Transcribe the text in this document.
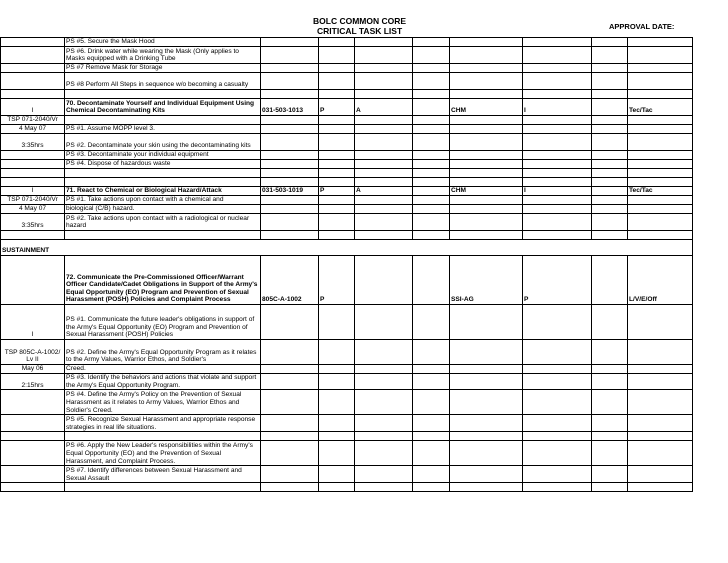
BOLC COMMON CORE
CRITICAL TASK LIST	APPROVAL DATE:
	PS #5. Secure the Mask Hood								
	PS #6. Drink water while wearing the Mask (Only applies to Masks equipped with a Drinking Tube								
	PS #7 Remove Mask for Storage								
	PS #8 Perform All Steps in sequence w/o becoming a casualty								

I	70. Decontaminate Yourself and Individual Equipment Using Chemical Decontaminating Kits	031-503-1013	P	A		CHM	I		Tec/Tac
TSP 071-2040/Vr									
4 May 07	PS #1. Assume MOPP level 3.								
3:35hrs	PS #2. Decontaminate your skin using the decontaminating kits								
	PS #3. Decontaminate your individual equipment								
	PS #4. Dispose of hazardous waste								

I	71. React to Chemical or Biological Hazard/Attack	031-503-1019	P	A		CHM	I		Tec/Tac
TSP 071-2040/Vr	PS #1. Take actions upon contact with a chemical and								
4 May 07	biological (C/B) hazard.								
3:35hrs	PS #2. Take actions upon contact with a radiological or nuclear hazard								

SUSTAINMENT									
	72. Communicate the Pre-Commissioned Officer/Warrant Officer Candidate/Cadet Obligations in Support of the Army's Equal Opportunity (EO) Program and Prevention of Sexual Harassment (POSH) Policies and Complaint Process	805C-A-1002	P			SSI-AG	P		L/V/E/Off
I	PS #1. Communicate the future leader's obligations in support of the Army's Equal Opportunity (EO) Program and Prevention of Sexual Harassment (POSH) Policies								
TSP 805C-A-1002/ Lv II	PS #2. Define the Army's Equal Opportunity Program as it relates to the Army Values, Warrior Ethos, and Soldier's								
May 06	Creed.								
2:15hrs	PS #3. Identify the behaviors and actions that violate and support the Army's Equal Opportunity Program.								
	PS #4. Define the Army's Policy on the Prevention of Sexual Harassment as it relates to Army Values, Warrior Ethos and Soldier's Creed.								
	PS #5. Recognize Sexual Harassment and appropriate response strategies in real life situations.								

	PS #6. Apply the New Leader's responsibilities within the Army's Equal Opportunity (EO) and the Prevention of Sexual Harassment, and Complaint Process.								
	PS #7. Identify differences between Sexual Harassment and Sexual Assault								
